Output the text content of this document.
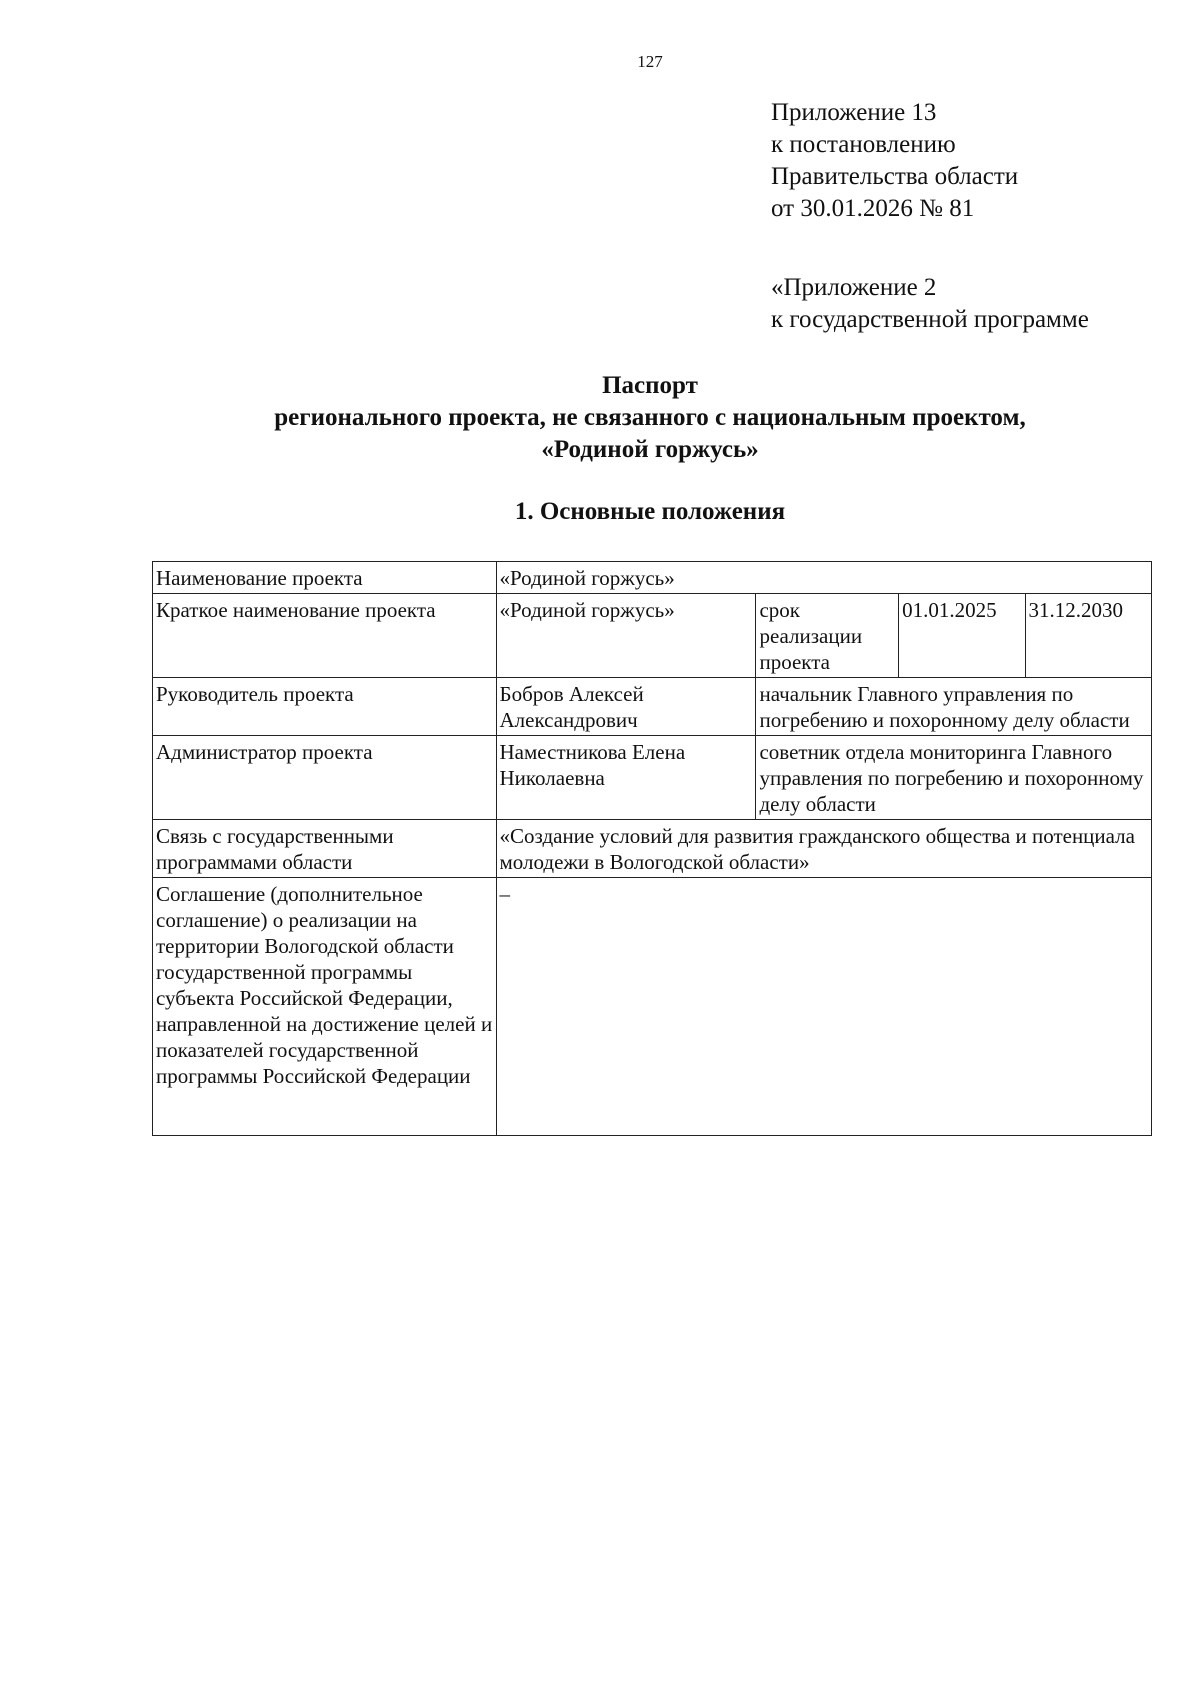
127
Приложение 13
к постановлению
Правительства области
от 30.01.2026 № 81
«Приложение 2
к государственной программе
Паспорт
регионального проекта, не связанного с национальным проектом,
«Родиной горжусь»
1. Основные положения
Наименование проекта	«Родиной горжусь»			
Краткое наименование проекта	«Родиной горжусь»	срок реализации проекта	01.01.2025	31.12.2030
Руководитель проекта	Бобров Алексей Александрович	начальник Главного управления по погребению и похоронному делу области		
Администратор проекта	Наместникова Елена Николаевна	советник отдела мониторинга Главного управления по погребению и похоронному делу области		
Связь с государственными программами области	«Создание условий для развития гражданского общества и потенциала молодежи в Вологодской области»			
Соглашение (дополнительное соглашение) о реализации на территории Вологодской области государственной программы субъекта Российской Федерации, направленной на достижение целей и показателей государственной программы Российской Федерации	–			
